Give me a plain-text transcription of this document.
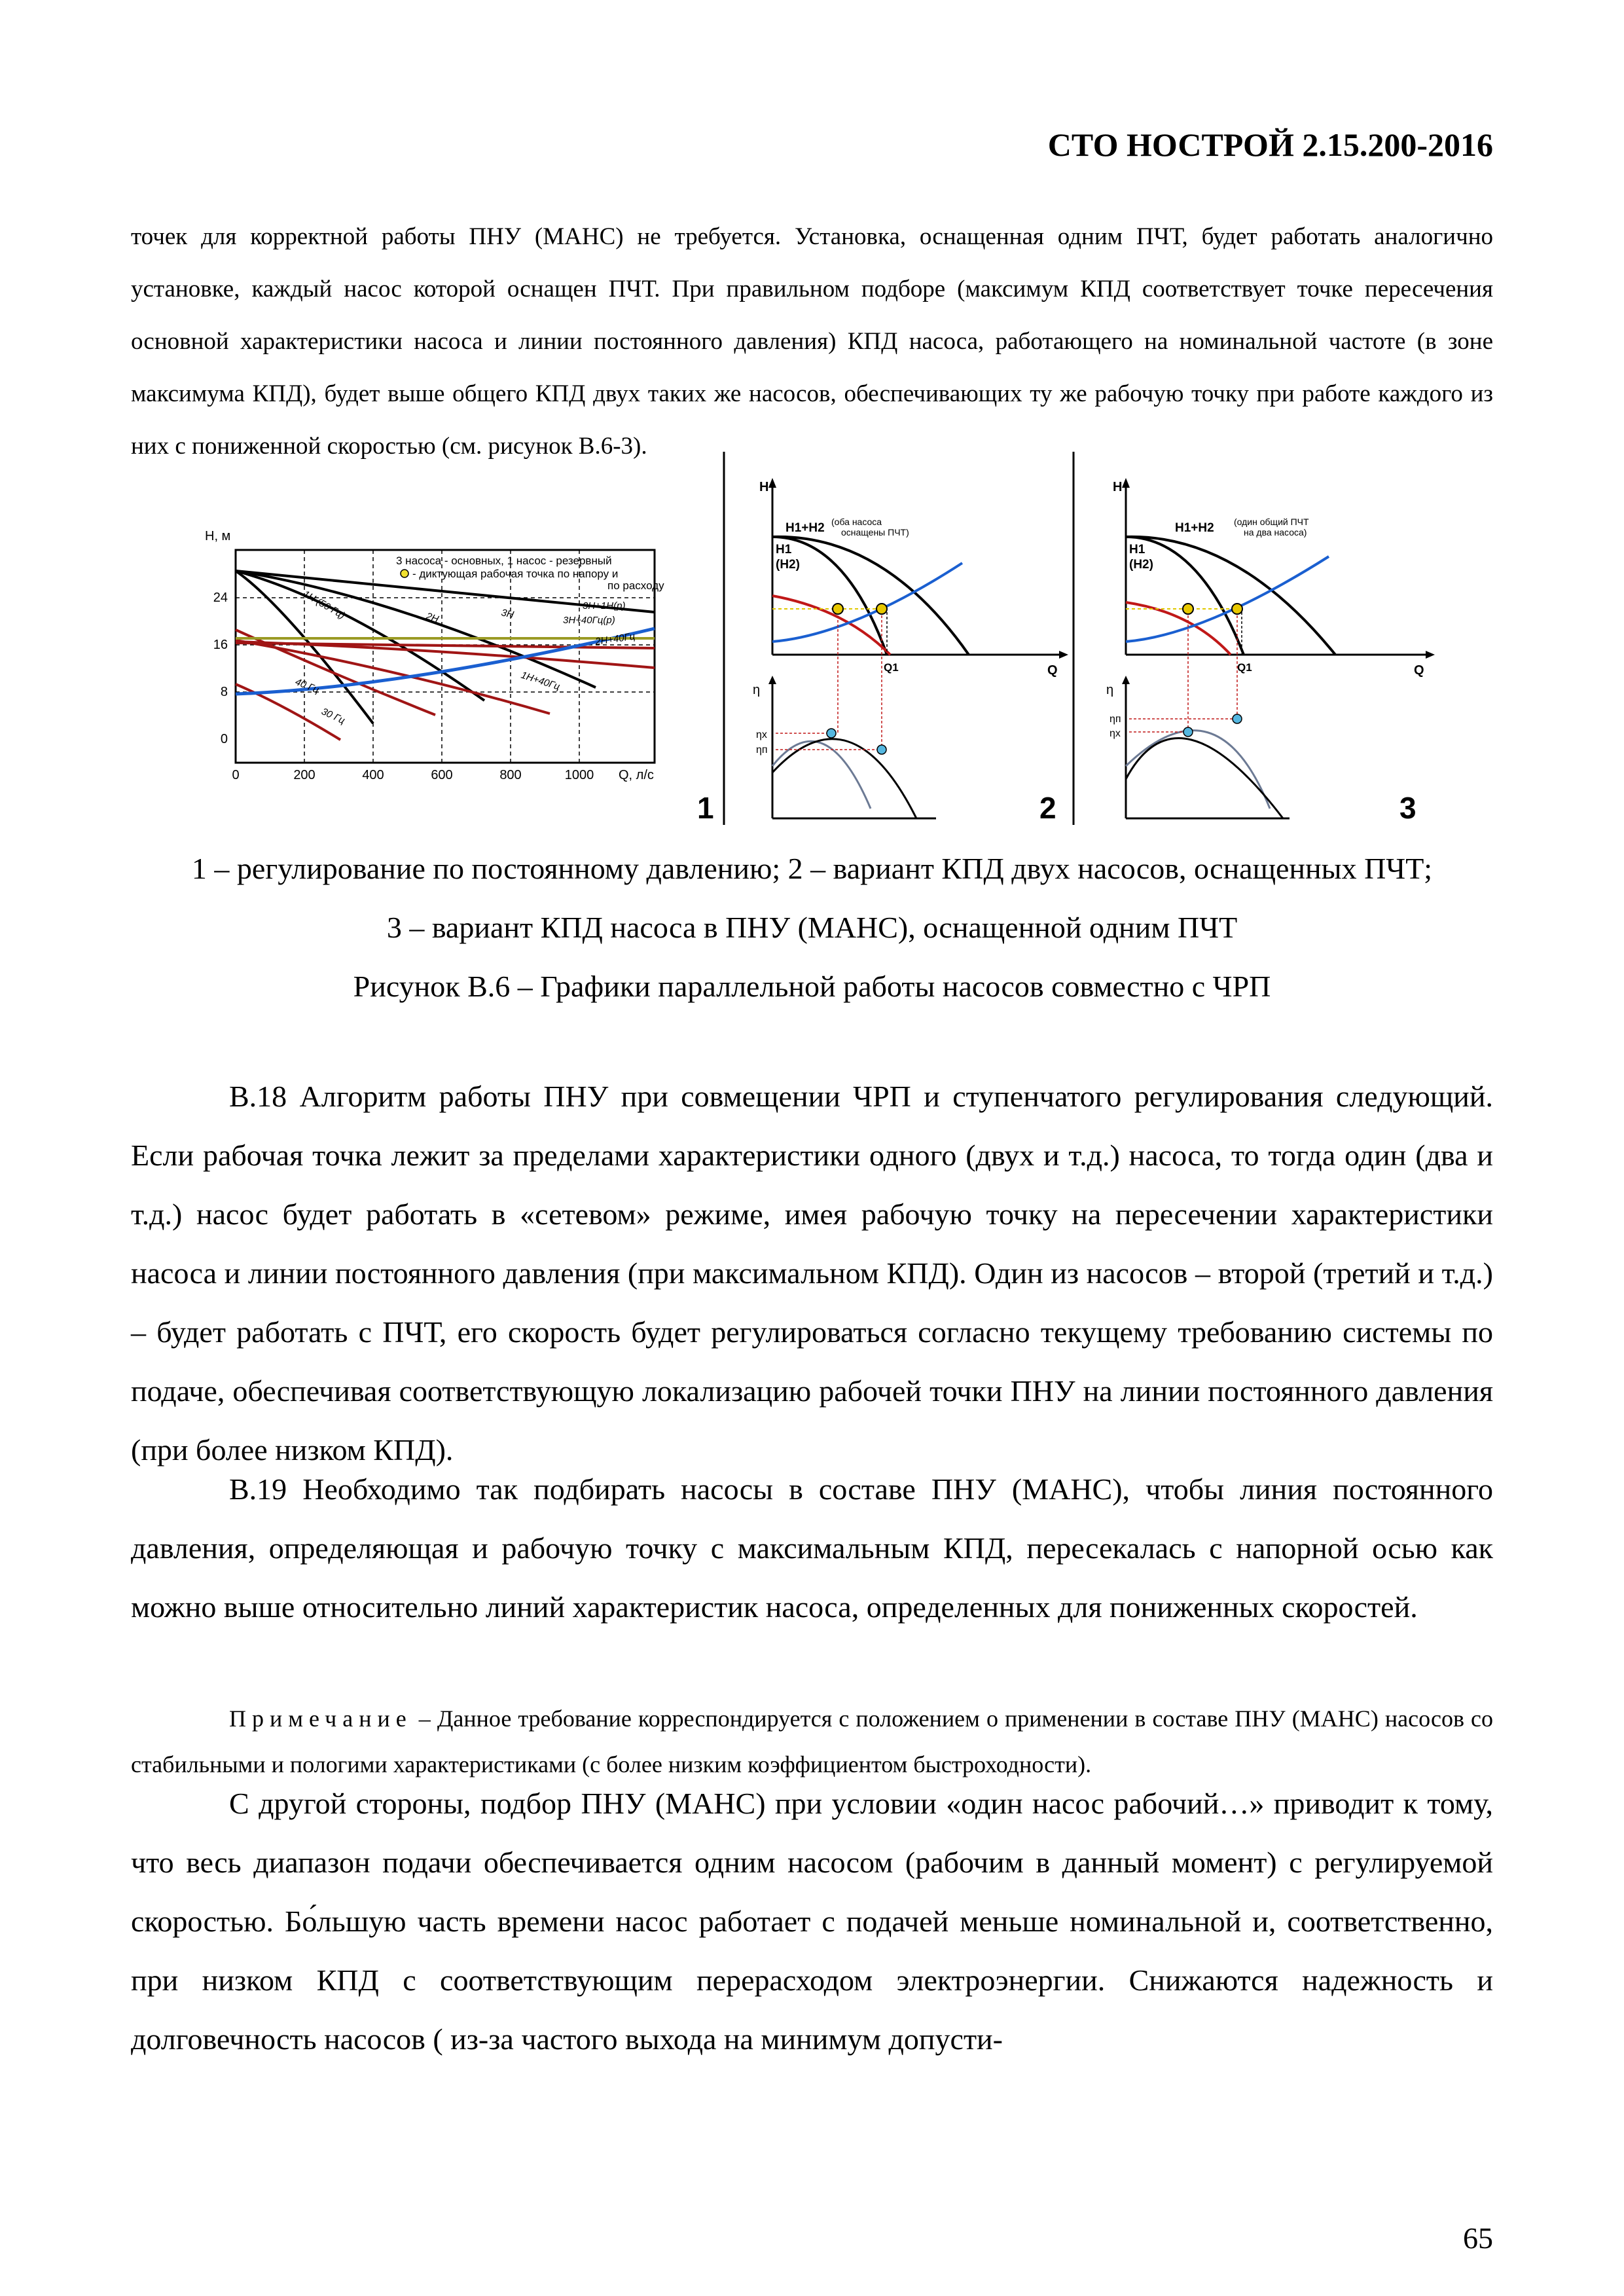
СТО НОСТРОЙ 2.15.200-2016

точек для корректной работы ПНУ (МАНС) не требуется. Установка, оснащенная одним ПЧТ, будет работать аналогично установке, каждый насос которой оснащен ПЧТ. При правильном подборе (максимум КПД соответствует точке пересечения основной характеристики насоса и линии постоянного давления) КПД насоса, работающего на номинальной частоте (в зоне максимума КПД), будет выше общего КПД двух таких же насосов, обеспечивающих ту же рабочую точку при работе каждого из них с пониженной скоростью (см. рисунок В.6-3).

H, м
0
8
16
24
0	200	400	600	800	1000 Q, л/с
3 насоса - основных, 1 насос - резервный
- диктующая рабочая точка по напору и
по расходу
1H (50 Гц)	2H	3H
3H+1H(р)
3H+40Гц(р)
2H+40Гц
1H+40Гц
40 Гц
30 Гц
1
H
Q
H1+H2 (оба насоса
оснащены ПЧТ)
H1
(H2)
Q1
η
ηx
ηп
2
H
Q
H1+H2 (один общий ПЧТ
на два насоса)
H1
(H2)
Q1
η
ηп
ηx
3
1 – регулирование по постоянному давлению; 2 – вариант КПД двух насосов, оснащенных ПЧТ;
3 – вариант КПД насоса в ПНУ (МАНС), оснащенной одним ПЧТ
Рисунок В.6 – Графики параллельной работы насосов совместно с ЧРП

В.18 Алгоритм работы ПНУ при совмещении ЧРП и ступенчатого регулирования следующий. Если рабочая точка лежит за пределами характеристики одного (двух и т.д.) насоса, то тогда один (два и т.д.) насос будет работать в «сетевом» режиме, имея рабочую точку на пересечении характеристики насоса и линии постоянного давления (при максимальном КПД). Один из насосов – второй (третий и т.д.) – будет работать с ПЧТ, его скорость будет регулироваться согласно текущему требованию системы по подаче, обеспечивая соответствующую локализацию рабочей точки ПНУ на линии постоянного давления (при более низком КПД).

В.19 Необходимо так подбирать насосы в составе ПНУ (МАНС), чтобы линия постоянного давления, определяющая и рабочую точку с максимальным КПД, пересекалась с напорной осью как можно выше относительно линий характеристик насоса, определенных для пониженных скоростей.

Примечание – Данное требование корреспондируется с положением о применении в составе ПНУ (МАНС) насосов со стабильными и пологими характеристиками (с более низким коэффициентом быстроходности).

С другой стороны, подбор ПНУ (МАНС) при условии «один насос рабочий…» приводит к тому, что весь диапазон подачи обеспечивается одним насосом (рабочим в данный момент) с регулируемой скоростью. Бо́льшую часть времени насос работает с подачей меньше номинальной и, соответственно, при низком КПД с соответствующим перерасходом электроэнергии. Снижаются надежность и долговечность насосов ( из-за частого выхода на минимум допусти-

65
